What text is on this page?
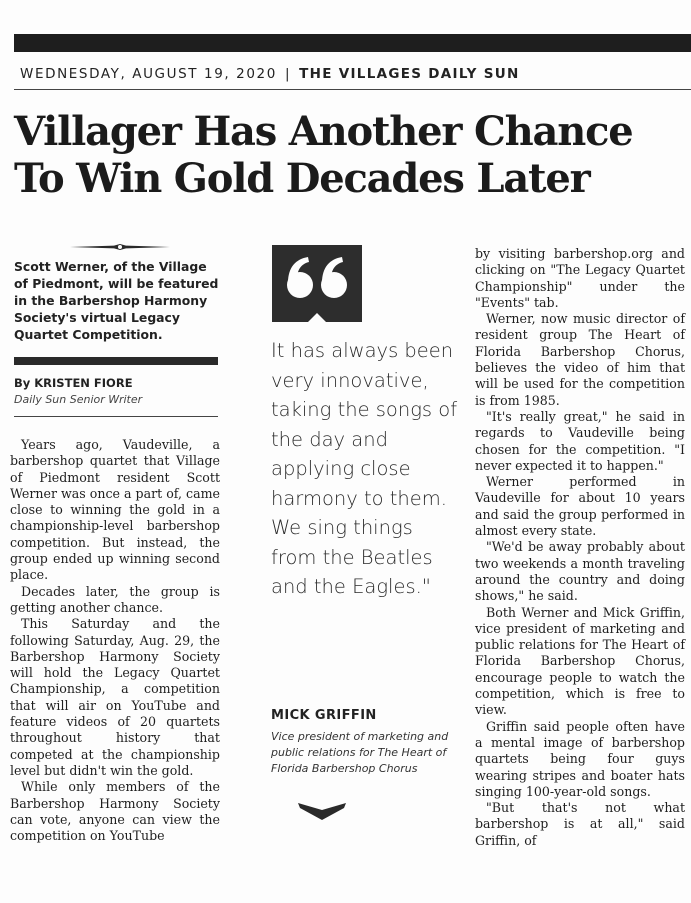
WEDNESDAY, AUGUST 19, 2020 | THE VILLAGES DAILY SUN
Villager Has Another Chance
To Win Gold Decades Later
Scott Werner, of the Village of Piedmont, will be featured in the Barbershop Harmony Society's virtual Legacy Quartet Competition.
By KRISTEN FIORE
Daily Sun Senior Writer

Years ago, Vaudeville, a barbershop quartet that Village of Piedmont resident Scott Werner was once a part of, came close to winning the gold in a championship-level barbershop competition. But instead, the group ended up winning second place.

Decades later, the group is getting another chance.

This Saturday and the following Saturday, Aug. 29, the Barbershop Harmony Society will hold the Legacy Quartet Championship, a competition that will air on YouTube and feature videos of 20 quartets throughout history that competed at the championship level but didn't win the gold.

While only members of the Barbershop Harmony Society can vote, anyone can view the competition on YouTube

It has always been very innovative, taking the songs of the day and applying close harmony to them. We sing things from the Beatles and the Eagles."
MICK GRIFFIN
Vice president of marketing and public relations for The Heart of Florida Barbershop Chorus

by visiting barbershop.org and clicking on "The Legacy Quartet Championship" under the "Events" tab.

Werner, now music director of resident group The Heart of Florida Barbershop Chorus, believes the video of him that will be used for the competition is from 1985.

"It's really great," he said in regards to Vaudeville being chosen for the competition. "I never expected it to happen."

Werner performed in Vaudeville for about 10 years and said the group performed in almost every state.

"We'd be away probably about two weekends a month traveling around the country and doing shows," he said.

Both Werner and Mick Griffin, vice president of marketing and public relations for The Heart of Florida Barbershop Chorus, encourage people to watch the competition, which is free to view.

Griffin said people often have a mental image of barbershop quartets being four guys wearing stripes and boater hats singing 100-year-old songs.

"But that's not what barbershop is at all," said Griffin, of
